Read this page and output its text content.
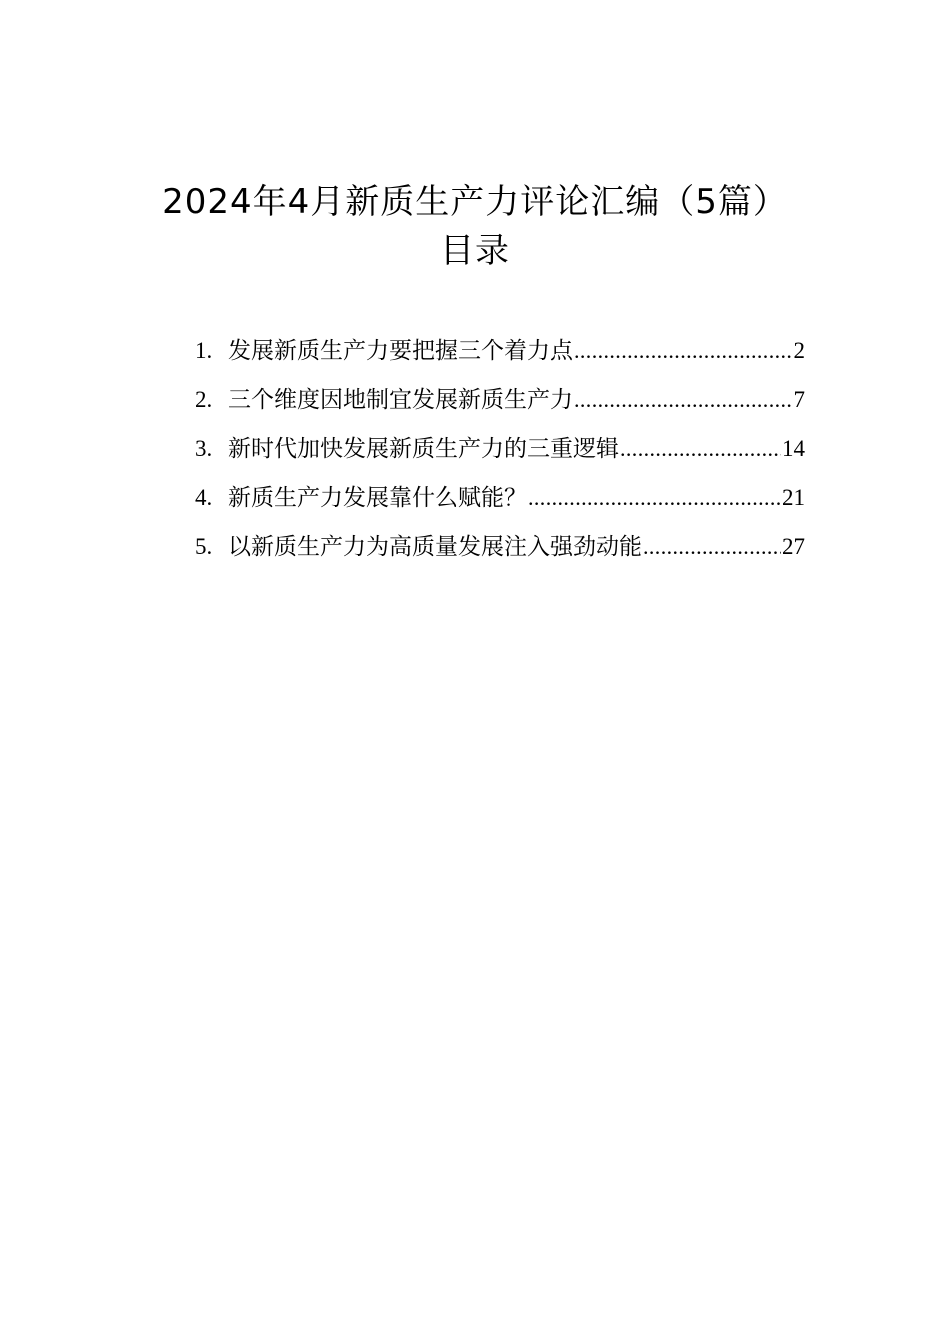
2024年4月新质生产力评论汇编（5篇）
目录
1. 发展新质生产力要把握三个着力点 .....	2
2. 三个维度因地制宜发展新质生产力 .....	7
3. 新时代加快发展新质生产力的三重逻辑 .....	14
4. 新质生产力发展靠什么赋能？ .....	21
5. 以新质生产力为高质量发展注入强劲动能 .....	27
